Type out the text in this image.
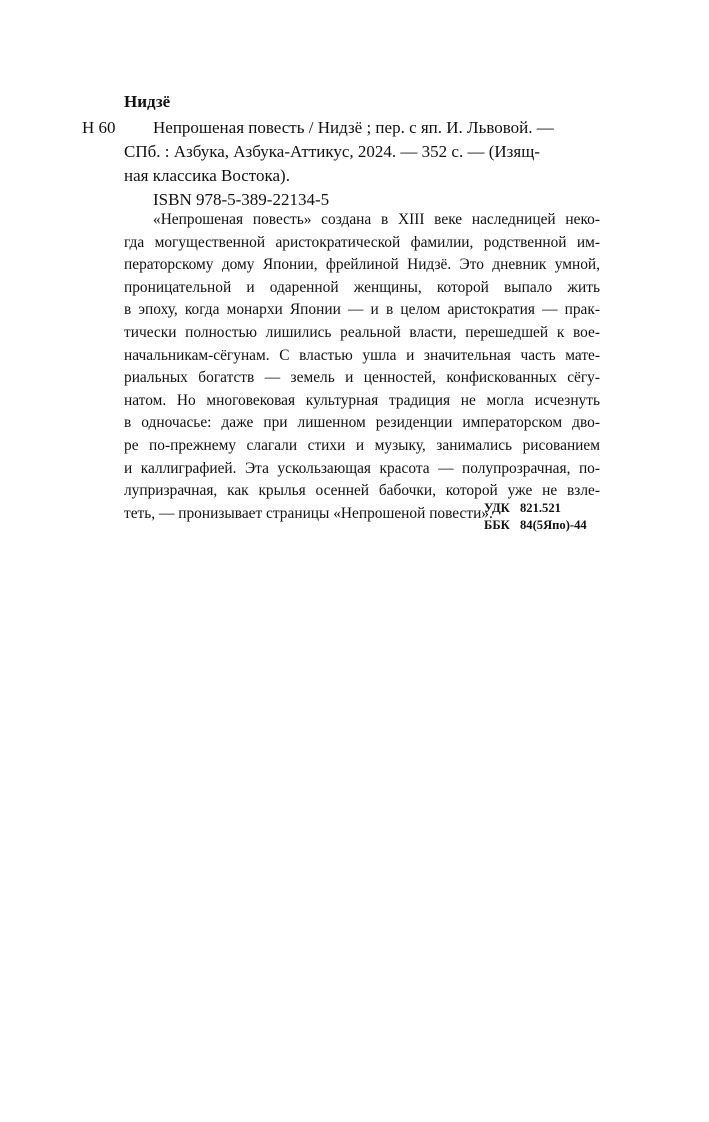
Нидзё
Н 60	Непрошеная повесть / Нидзё ; пер. с яп. И. Львовой. —
СПб. : Азбука, Азбука-Аттикус, 2024. — 352 с. — (Изящ-
ная классика Востока).
ISBN 978-5-389-22134-5
«Непрошеная повесть» создана в XIII веке наследницей неко-
гда могущественной аристократической фамилии, родственной им-
ператорскому дому Японии, фрейлиной Нидзё. Это дневник умной,
проницательной и одаренной женщины, которой выпало жить
в эпоху, когда монархи Японии — и в целом аристократия — прак-
тически полностью лишились реальной власти, перешедшей к вое-
начальникам-сёгунам. С властью ушла и значительная часть мате-
риальных богатств — земель и ценностей, конфискованных сёгу-
натом. Но многовековая культурная традиция не могла исчезнуть
в одночасье: даже при лишенном резиденции императорском дво-
ре по-прежнему слагали стихи и музыку, занимались рисованием
и каллиграфией. Эта ускользающая красота — полупрозрачная, по-
лупризрачная, как крылья осенней бабочки, которой уже не взле-
теть, — пронизывает страницы «Непрошеной повести».
УДК 821.521
ББК 84(5Япо)-44
